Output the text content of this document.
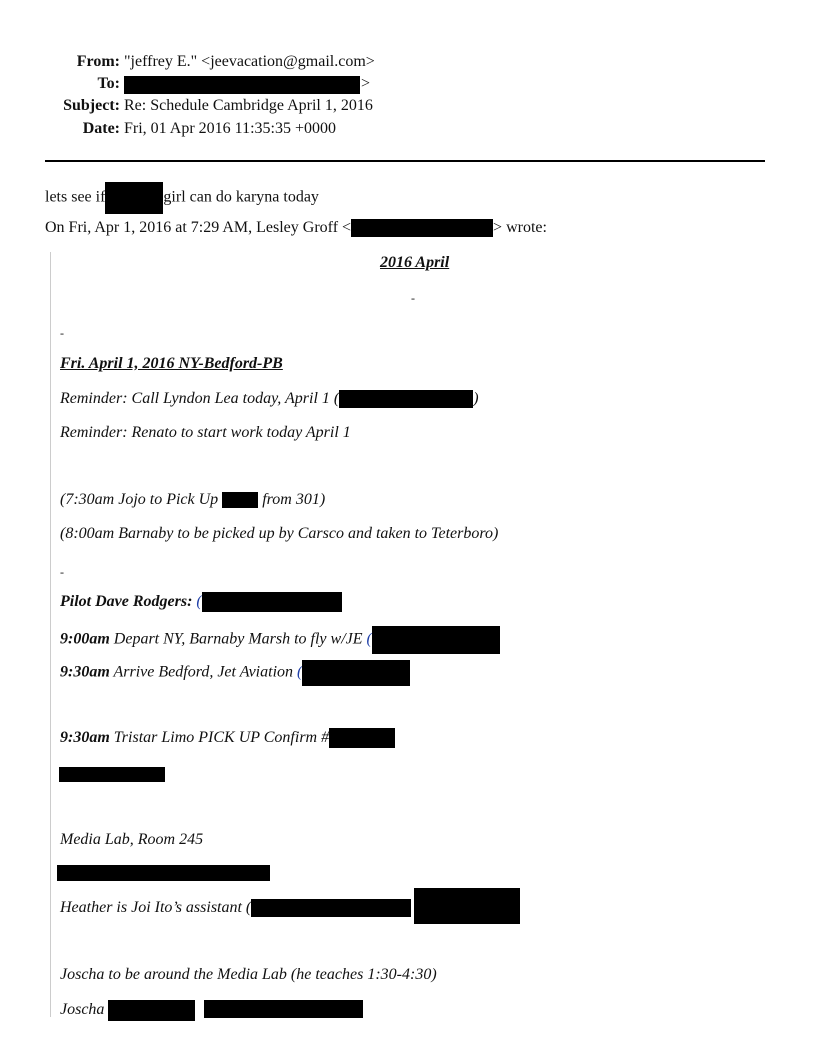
From: "jeffrey E." <jeevacation@gmail.com>
To:	>
Subject: Re: Schedule Cambridge April 1, 2016
Date: Fri, 01 Apr 2016 11:35:35 +0000
lets see if	girl can do karyna today
On Fri, Apr 1, 2016 at 7:29 AM, Lesley Groff <	> wrote:
2016 April
-
-
Fri. April 1, 2016 NY-Bedford-PB
Reminder: Call Lyndon Lea today, April 1 (	)
Reminder: Renato to start work today April 1
(7:30am Jojo to Pick Up	from 301)
(8:00am Barnaby to be picked up by Carsco and taken to Teterboro)
-
Pilot Dave Rodgers: (
9:00am Depart NY, Barnaby Marsh to fly w/JE (
9:30am Arrive Bedford, Jet Aviation (
9:30am Tristar Limo PICK UP Confirm #
Media Lab, Room 245
Heather is Joi Ito’s assistant (
Joscha to be around the Media Lab (he teaches 1:30-4:30)
Joscha
